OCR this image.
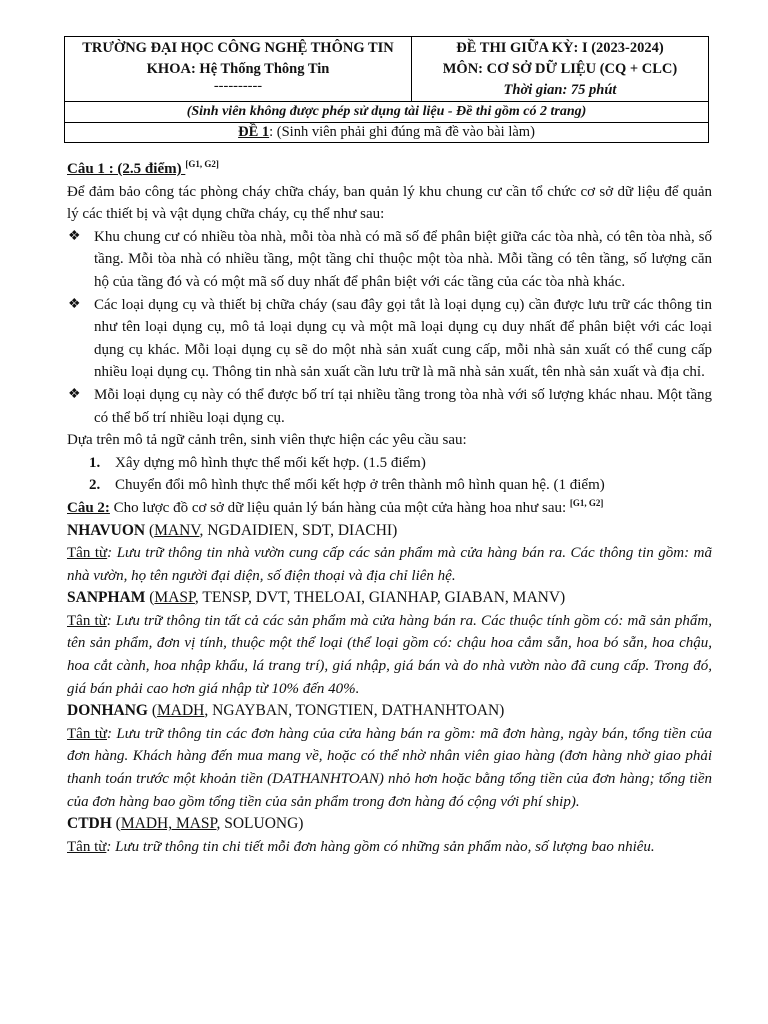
TRƯỜNG ĐẠI HỌC CÔNG NGHỆ THÔNG TIN
KHOA: Hệ Thống Thông Tin
----------

ĐỀ THI GIỮA KỲ: I (2023-2024)
MÔN: CƠ SỞ DỮ LIỆU (CQ + CLC)
Thời gian: 75 phút

(Sinh viên không được phép sử dụng tài liệu - Đề thi gồm có 2 trang)
ĐỀ 1: (Sinh viên phải ghi đúng mã đề vào bài làm)

Câu 1 : (2.5 điểm) [G1, G2]

Để đảm bảo công tác phòng cháy chữa cháy, ban quản lý khu chung cư cần tổ chức cơ sở dữ liệu để quản lý các thiết bị và vật dụng chữa cháy, cụ thể như sau:

❖ Khu chung cư có nhiều tòa nhà, mỗi tòa nhà có mã số để phân biệt giữa các tòa nhà, có tên tòa nhà, số tầng. Mỗi tòa nhà có nhiều tầng, một tầng chỉ thuộc một tòa nhà. Mỗi tầng có tên tầng, số lượng căn hộ của tầng đó và có một mã số duy nhất để phân biệt với các tầng của các tòa nhà khác.
❖ Các loại dụng cụ và thiết bị chữa cháy (sau đây gọi tắt là loại dụng cụ) cần được lưu trữ các thông tin như tên loại dụng cụ, mô tả loại dụng cụ và một mã loại dụng cụ duy nhất để phân biệt với các loại dụng cụ khác. Mỗi loại dụng cụ sẽ do một nhà sản xuất cung cấp, mỗi nhà sản xuất có thể cung cấp nhiều loại dụng cụ. Thông tin nhà sản xuất cần lưu trữ là mã nhà sản xuất, tên nhà sản xuất và địa chỉ.
❖ Mỗi loại dụng cụ này có thể được bố trí tại nhiều tầng trong tòa nhà với số lượng khác nhau. Một tầng có thể bố trí nhiều loại dụng cụ.

Dựa trên mô tả ngữ cảnh trên, sinh viên thực hiện các yêu cầu sau:

1. Xây dựng mô hình thực thể mối kết hợp. (1.5 điểm)
2. Chuyển đổi mô hình thực thể mối kết hợp ở trên thành mô hình quan hệ. (1 điểm)

Câu 2: Cho lược đồ cơ sở dữ liệu quản lý bán hàng của một cửa hàng hoa như sau: [G1, G2]

NHAVUON (MANV, NGDAIDIEN, SDT, DIACHI)

Tân từ: Lưu trữ thông tin nhà vườn cung cấp các sản phẩm mà cửa hàng bán ra. Các thông tin gồm: mã nhà vườn, họ tên người đại diện, số điện thoại và địa chỉ liên hệ.

SANPHAM (MASP, TENSP, DVT, THELOAI, GIANHAP, GIABAN, MANV)

Tân từ: Lưu trữ thông tin tất cả các sản phẩm mà cửa hàng bán ra. Các thuộc tính gồm có: mã sản phẩm, tên sản phẩm, đơn vị tính, thuộc một thể loại (thể loại gồm có: chậu hoa cắm sẵn, hoa bó sẵn, hoa chậu, hoa cắt cành, hoa nhập khẩu, lá trang trí), giá nhập, giá bán và do nhà vườn nào đã cung cấp. Trong đó, giá bán phải cao hơn giá nhập từ 10% đến 40%.

DONHANG (MADH, NGAYBAN, TONGTIEN, DATHANHTOAN)

Tân từ: Lưu trữ thông tin các đơn hàng của cửa hàng bán ra gồm: mã đơn hàng, ngày bán, tổng tiền của đơn hàng. Khách hàng đến mua mang về, hoặc có thể nhờ nhân viên giao hàng (đơn hàng nhờ giao phải thanh toán trước một khoản tiền (DATHANHTOAN) nhỏ hơn hoặc bằng tổng tiền của đơn hàng; tổng tiền của đơn hàng bao gồm tổng tiền của sản phẩm trong đơn hàng đó cộng với phí ship).

CTDH (MADH, MASP, SOLUONG)

Tân từ: Lưu trữ thông tin chi tiết mỗi đơn hàng gồm có những sản phẩm nào, số lượng bao nhiêu.
